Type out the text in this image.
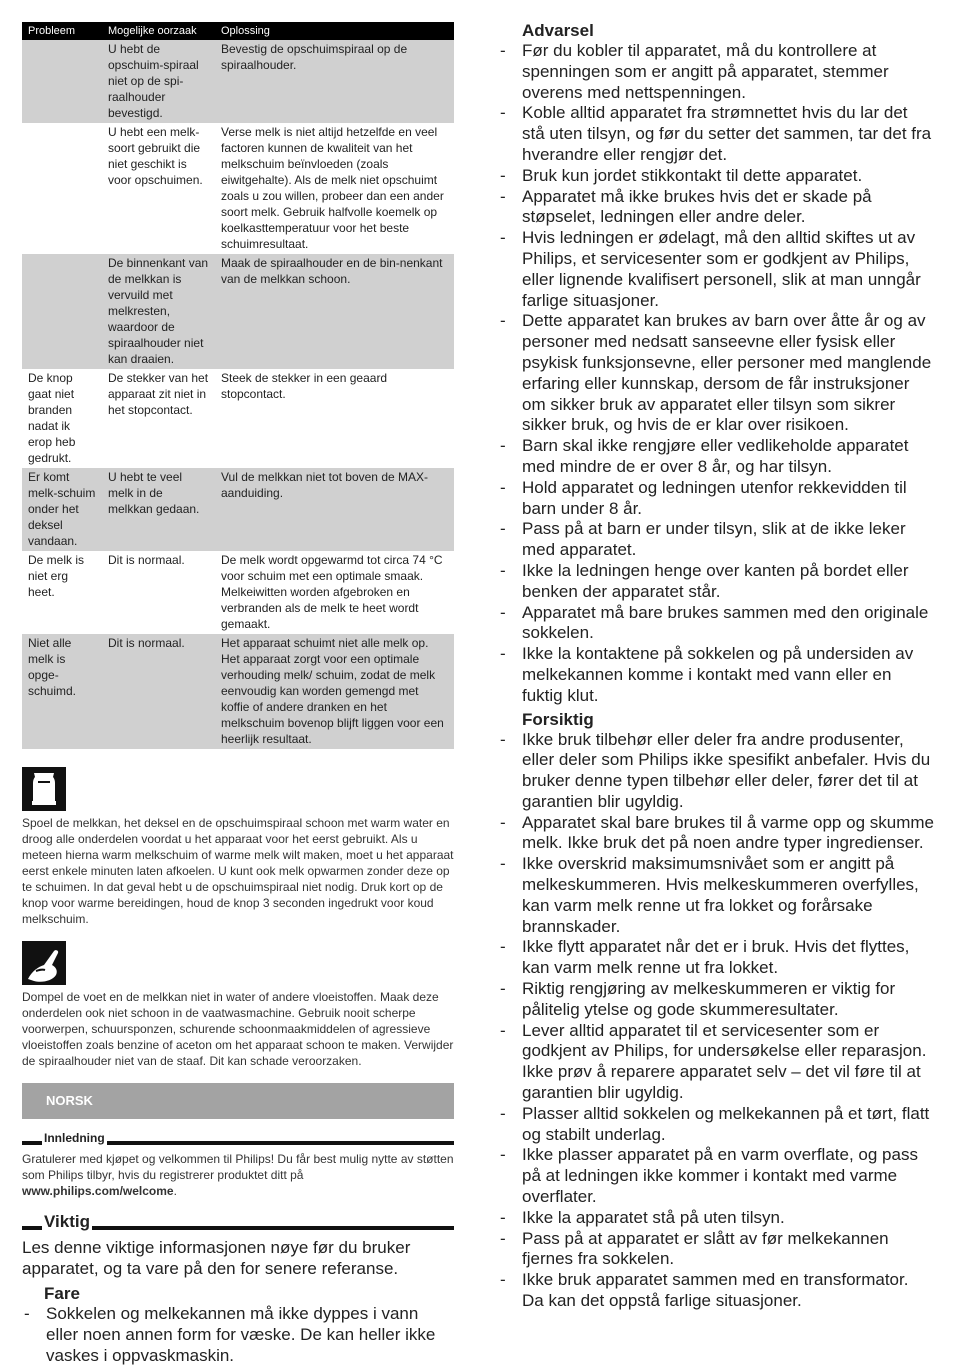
Probleem	Mogelijke oorzaak	Oplossing
	U hebt de opschuim-spiraal niet op de spi-raalhouder bevestigd.	Bevestig de opschuimspiraal op de spiraalhouder.
	U hebt een melk-soort gebruikt die niet geschikt is voor opschuimen.	Verse melk is niet altijd hetzelfde en veel factoren kunnen de kwaliteit van het melkschuim beïnvloeden (zoals eiwitgehalte). Als de melk niet opschuimt zoals u zou willen, probeer dan een ander soort melk. Gebruik halfvolle koemelk op koelkasttemperatuur voor het beste schuimresultaat.
	De binnenkant van de melkkan is vervuild met melkresten, waardoor de spiraalhouder niet kan draaien.	Maak de spiraalhouder en de bin-nenkant van de melkkan schoon.
De knop gaat niet branden nadat ik erop heb gedrukt.	De stekker van het apparaat zit niet in het stopcontact.	Steek de stekker in een geaard stopcontact.
Er komt melk-schuim onder het deksel vandaan.	U hebt te veel melk in de melkkan gedaan.	Vul de melkkan niet tot boven de MAX-aanduiding.
De melk is niet erg heet.	Dit is normaal.	De melk wordt opgewarmd tot circa 74 °C voor schuim met een optimale smaak. Melkeiwitten worden afgebroken en verbranden als de melk te heet wordt gemaakt.
Niet alle melk is opge-schuimd.	Dit is normaal.	Het apparaat schuimt niet alle melk op. Het apparaat zorgt voor een optimale verhouding melk/ schuim, zodat de melk eenvoudig kan worden gemengd met koffie of andere dranken en het melkschuim bovenop blijft liggen voor een heerlijk resultaat.

Spoel de melkkan, het deksel en de opschuimspiraal schoon met warm water en droog alle onderdelen voordat u het apparaat voor het eerst gebruikt. Als u meteen hierna warm melkschuim of warme melk wilt maken, moet u het apparaat eerst enkele minuten laten afkoelen. U kunt ook melk opwarmen zonder deze op te schuimen. In dat geval hebt u de opschuimspiraal niet nodig. Druk kort op de knop voor warme bereidingen, houd de knop 3 seconden ingedrukt voor koud melkschuim.

Dompel de voet en de melkkan niet in water of andere vloeistoffen. Maak deze onderdelen ook niet schoon in de vaatwasmachine. Gebruik nooit scherpe voorwerpen, schuursponzen, schurende schoonmaakmiddelen of agressieve vloeistoffen zoals benzine of aceton om het apparaat schoon te maken. Verwijder de spiraalhouder niet van de staaf. Dit kan schade veroorzaken.

NORSK
Innledning

Gratulerer med kjøpet og velkommen til Philips! Du får best mulig nytte av støtten som Philips tilbyr, hvis du registrerer produktet ditt på www.philips.com/welcome.

Viktig

Les denne viktige informasjonen nøye før du bruker apparatet, og ta vare på den for senere referanse.

Fare
- Sokkelen og melkekannen må ikke dyppes i vann eller noen annen form for væske. De kan heller ikke vaskes i oppvaskmaskin.
Advarsel
- Før du kobler til apparatet, må du kontrollere at spenningen som er angitt på apparatet, stemmer overens med nettspenningen.
- Koble alltid apparatet fra strømnettet hvis du lar det stå uten tilsyn, og før du setter det sammen, tar det fra hverandre eller rengjør det.
- Bruk kun jordet stikkontakt til dette apparatet.
- Apparatet må ikke brukes hvis det er skade på støpselet, ledningen eller andre deler.
- Hvis ledningen er ødelagt, må den alltid skiftes ut av Philips, et servicesenter som er godkjent av Philips, eller lignende kvalifisert personell, slik at man unngår farlige situasjoner.
- Dette apparatet kan brukes av barn over åtte år og av personer med nedsatt sanseevne eller fysisk eller psykisk funksjonsevne, eller personer med manglende erfaring eller kunnskap, dersom de får instruksjoner om sikker bruk av apparatet eller tilsyn som sikrer sikker bruk, og hvis de er klar over risikoen.
- Barn skal ikke rengjøre eller vedlikeholde apparatet med mindre de er over 8 år, og har tilsyn.
- Hold apparatet og ledningen utenfor rekkevidden til barn under 8 år.
- Pass på at barn er under tilsyn, slik at de ikke leker med apparatet.
- Ikke la ledningen henge over kanten på bordet eller benken der apparatet står.
- Apparatet må bare brukes sammen med den originale sokkelen.
- Ikke la kontaktene på sokkelen og på undersiden av melkekannen komme i kontakt med vann eller en fuktig klut.
Forsiktig
- Ikke bruk tilbehør eller deler fra andre produsenter, eller deler som Philips ikke spesifikt anbefaler. Hvis du bruker denne typen tilbehør eller deler, fører det til at garantien blir ugyldig.
- Apparatet skal bare brukes til å varme opp og skumme melk. Ikke bruk det på noen andre typer ingredienser.
- Ikke overskrid maksimumsnivået som er angitt på melkeskummeren. Hvis melkeskummeren overfylles, kan varm melk renne ut fra lokket og forårsake brannskader.
- Ikke flytt apparatet når det er i bruk. Hvis det flyttes, kan varm melk renne ut fra lokket.
- Riktig rengjøring av melkeskummeren er viktig for pålitelig ytelse og gode skummeresultater.
- Lever alltid apparatet til et servicesenter som er godkjent av Philips, for undersøkelse eller reparasjon. Ikke prøv å reparere apparatet selv – det vil føre til at garantien blir ugyldig.
- Plasser alltid sokkelen og melkekannen på et tørt, flatt og stabilt underlag.
- Ikke plasser apparatet på en varm overflate, og pass på at ledningen ikke kommer i kontakt med varme overflater.
- Ikke la apparatet stå på uten tilsyn.
- Pass på at apparatet er slått av før melkekannen fjernes fra sokkelen.
- Ikke bruk apparatet sammen med en transformator. Da kan det oppstå farlige situasjoner.
